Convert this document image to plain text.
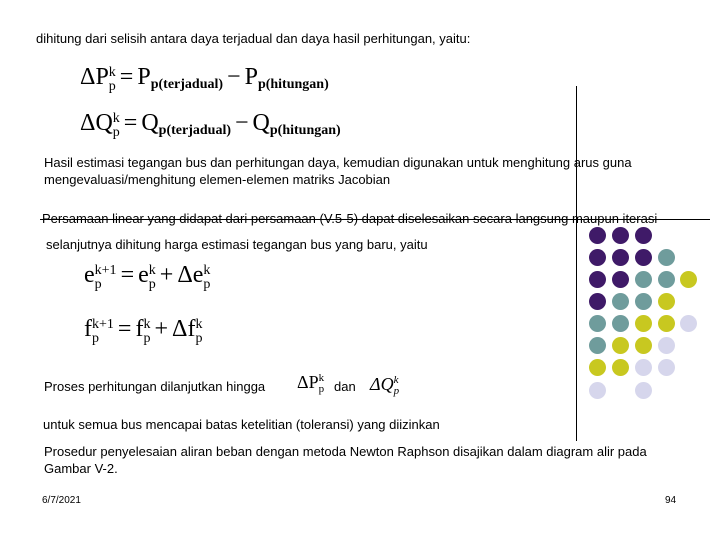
dihitung dari selisih antara daya terjadual dan daya hasil perhitungan, yaitu:
ΔP k
$p = P_{p(terjadual)} - P_{p(hitungan)}$
ΔQ k
$p = Q_{p(terjadual)} - Q_{p(hitungan)}$
Hasil estimasi tegangan bus dan perhitungan daya, kemudian digunakan untuk menghitung arus guna mengevaluasi/menghitung elemen-elemen matriks Jacobian
Persamaan linear yang didapat dari persamaan (V.5-5) dapat diselesaikan secara langsung maupun iterasi
selanjutnya dihitung harga estimasi tegangan bus yang baru, yaitu
e k+1
p = e k
p + Δe k
p
f k+1
p = f k
p + Δf k
p
Proses perhitungan dilanjutkan hingga ΔP k
p dan ΔQ k
p
untuk semua bus mencapai batas ketelitian (toleransi) yang diizinkan
Prosedur penyelesaian aliran beban dengan metoda Newton Raphson disajikan dalam diagram alir pada Gambar V-2.
6/7/2021	94
